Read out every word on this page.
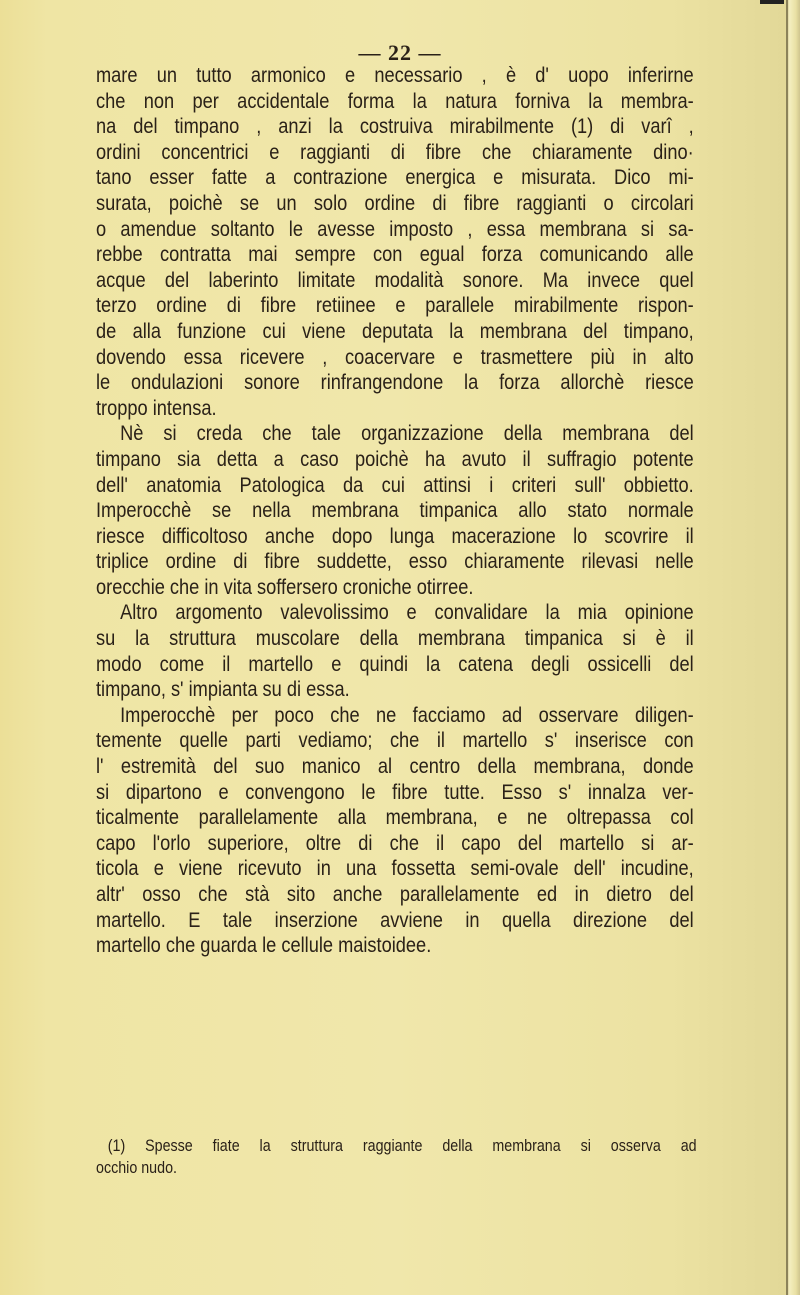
— 22 —
mare un tutto armonico e necessario , è d' uopo inferirne
che non per accidentale forma la natura forniva la membra-
na del timpano , anzi la costruiva mirabilmente (1) di varî ,
ordini concentrici e raggianti di fibre che chiaramente dino·
tano esser fatte a contrazione energica e misurata. Dico mi-
surata, poichè se un solo ordine di fibre raggianti o circolari
o amendue soltanto le avesse imposto , essa membrana si sa-
rebbe contratta mai sempre con egual forza comunicando alle
acque del laberinto limitate modalità sonore. Ma invece quel
terzo ordine di fibre retiinee e parallele mirabilmente rispon-
de alla funzione cui viene deputata la membrana del timpano,
dovendo essa ricevere , coacervare e trasmettere più in alto
le ondulazioni sonore rinfrangendone la forza allorchè riesce
troppo intensa.
Nè si creda che tale organizzazione della membrana del
timpano sia detta a caso poichè ha avuto il suffragio potente
dell' anatomia Patologica da cui attinsi i criteri sull' obbietto.
Imperocchè se nella membrana timpanica allo stato normale
riesce difficoltoso anche dopo lunga macerazione lo scovrire il
triplice ordine di fibre suddette, esso chiaramente rilevasi nelle
orecchie che in vita soffersero croniche otirree.
Altro argomento valevolissimo e convalidare la mia opinione
su la struttura muscolare della membrana timpanica si è il
modo come il martello e quindi la catena degli ossicelli del
timpano, s' impianta su di essa.
Imperocchè per poco che ne facciamo ad osservare diligen-
temente quelle parti vediamo; che il martello s' inserisce con
l' estremità del suo manico al centro della membrana, donde
si dipartono e convengono le fibre tutte. Esso s' innalza ver-
ticalmente parallelamente alla membrana, e ne oltrepassa col
capo l'orlo superiore, oltre di che il capo del martello si ar-
ticola e viene ricevuto in una fossetta semi-ovale dell' incudine,
altr' osso che stà sito anche parallelamente ed in dietro del
martello. E tale inserzione avviene in quella direzione del
martello che guarda le cellule maistoidee.
(1) Spesse fiate la struttura raggiante della membrana si osserva ad
occhio nudo.
